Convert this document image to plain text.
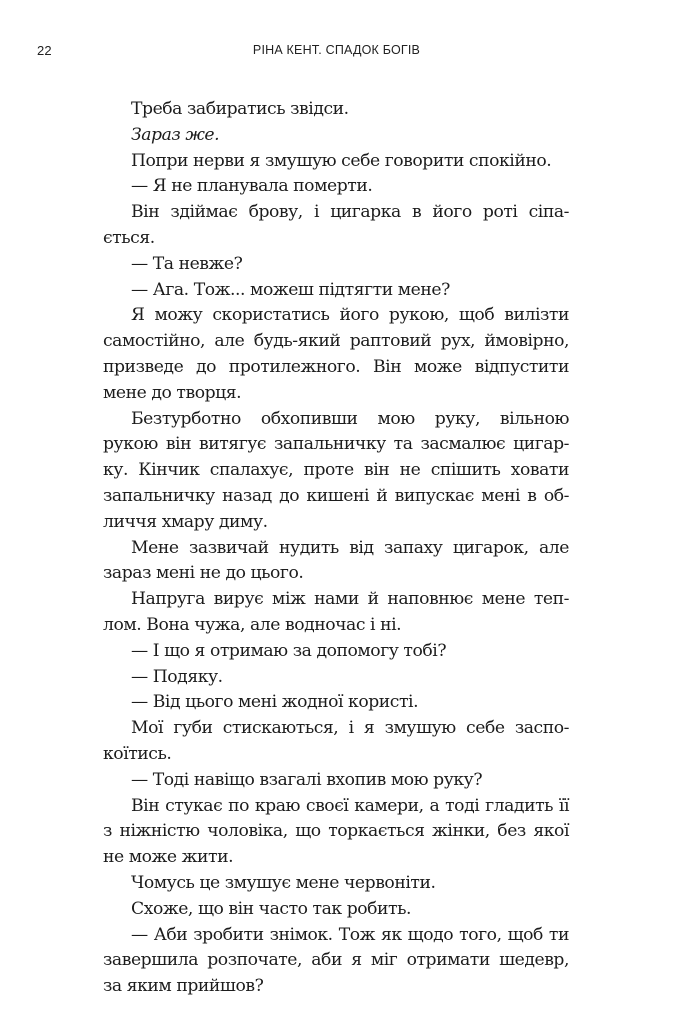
22	РІНА КЕНТ. СПАДОК БОГІВ
Треба забиратись звідси.
Зараз же.
Попри нерви я змушую себе говорити спокійно.
— Я не планувала померти.
Він здіймає брову, і цигарка в його роті сіпа-
ється.
— Та невже?
— Ага. Тож... можеш підтягти мене?
Я можу скористатись його рукою, щоб вилізти
самостійно, але будь-який раптовий рух, ймовірно,
призведе до протилежного. Він може відпустити
мене до творця.
Безтурботно обхопивши мою руку, вільною
рукою він витягує запальничку та засмалює цигар-
ку. Кінчик спалахує, проте він не спішить ховати
запальничку назад до кишені й випускає мені в об-
личчя хмару диму.
Мене зазвичай нудить від запаху цигарок, але
зараз мені не до цього.
Напруга вирує між нами й наповнює мене теп-
лом. Вона чужа, але водночас і ні.
— І що я отримаю за допомогу тобі?
— Подяку.
— Від цього мені жодної користі.
Мої губи стискаються, і я змушую себе заспо-
коїтись.
— Тоді навіщо взагалі вхопив мою руку?
Він стукає по краю своєї камери, а тоді гладить її
з ніжністю чоловіка, що торкається жінки, без якої
не може жити.
Чомусь це змушує мене червоніти.
Схоже, що він часто так робить.
— Аби зробити знімок. Тож як щодо того, щоб ти
завершила розпочате, аби я міг отримати шедевр,
за яким прийшов?
